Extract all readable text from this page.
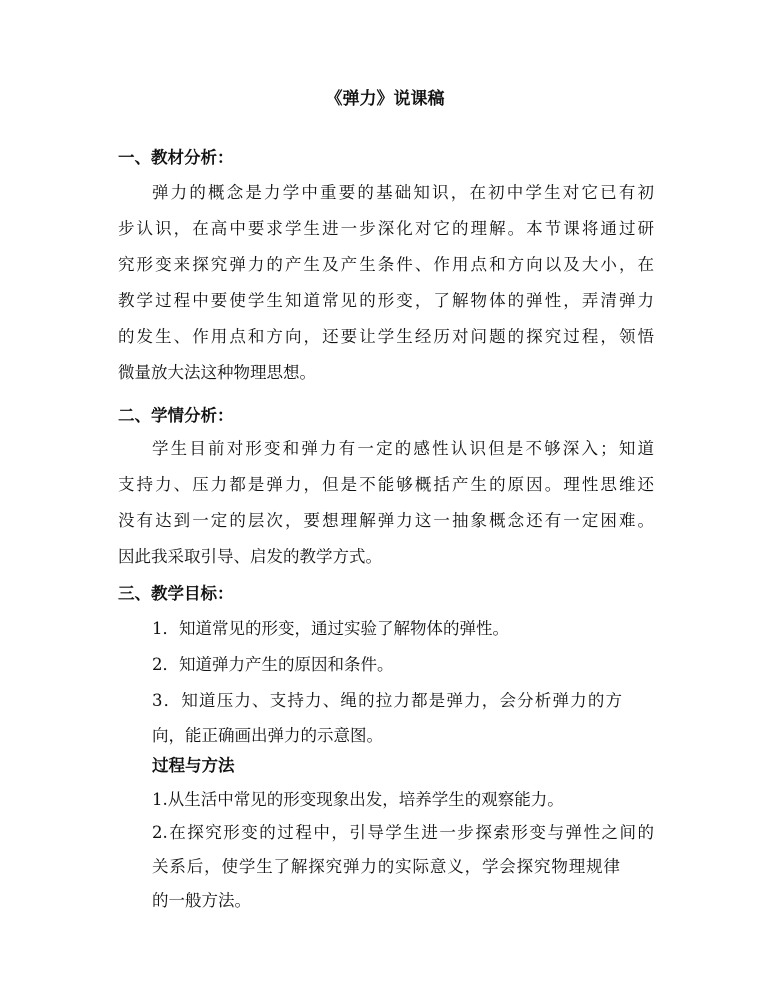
《弹力》说课稿
一、教材分析：
弹力的概念是力学中重要的基础知识，在初中学生对它已有初
步认识，在高中要求学生进一步深化对它的理解。本节课将通过研
究形变来探究弹力的产生及产生条件、作用点和方向以及大小，在
教学过程中要使学生知道常见的形变，了解物体的弹性，弄清弹力
的发生、作用点和方向，还要让学生经历对问题的探究过程，领悟
微量放大法这种物理思想。
二、学情分析：
学生目前对形变和弹力有一定的感性认识但是不够深入；知道
支持力、压力都是弹力，但是不能够概括产生的原因。理性思维还
没有达到一定的层次，要想理解弹力这一抽象概念还有一定困难。
因此我采取引导、启发的教学方式。
三、教学目标：
1．知道常见的形变，通过实验了解物体的弹性。
2．知道弹力产生的原因和条件。
3．知道压力、支持力、绳的拉力都是弹力，会分析弹力的方
向，能正确画出弹力的示意图。
过程与方法
1.从生活中常见的形变现象出发，培养学生的观察能力。
2.在探究形变的过程中，引导学生进一步探索形变与弹性之间的
关系后，使学生了解探究弹力的实际意义，学会探究物理规律
的一般方法。
